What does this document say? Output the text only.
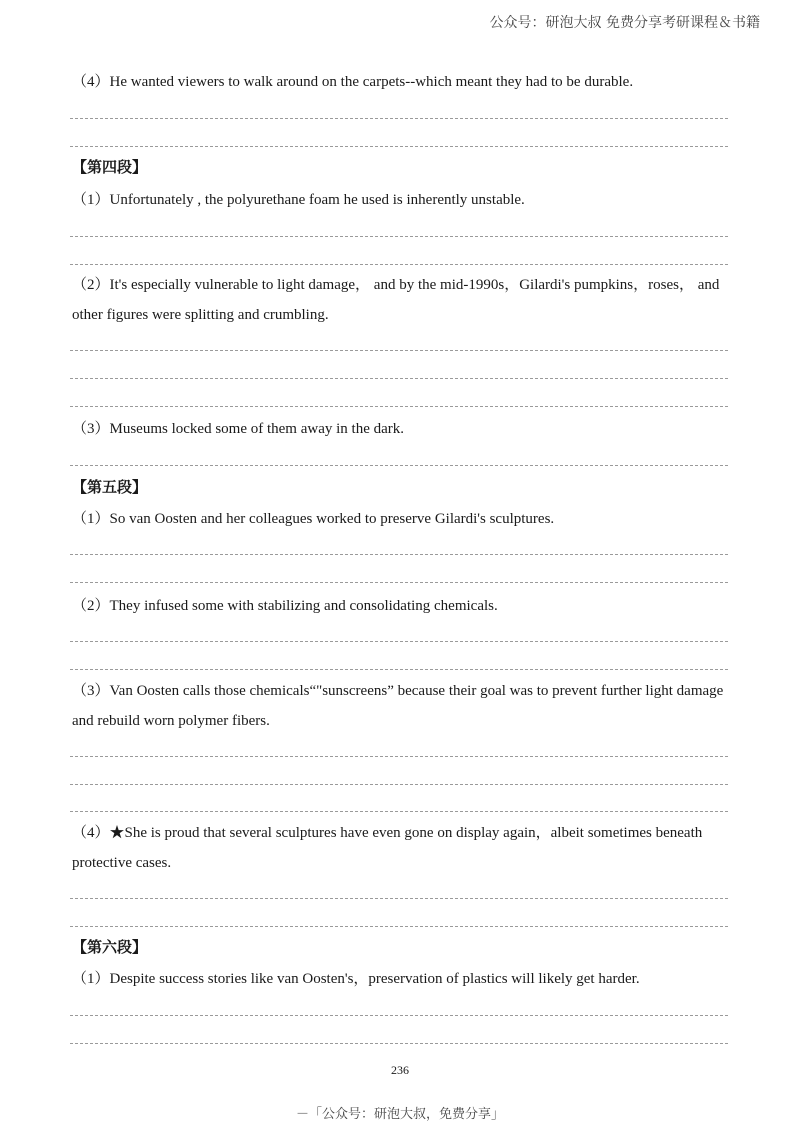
公众号：研泡大叔 免费分享考研课程＆书籍
（4）He wanted viewers to walk around on the carpets--which meant they had to be durable.
【第四段】
（1）Unfortunately , the polyurethane foam he used is inherently unstable.
（2）It's especially vulnerable to light damage， and by the mid-1990s，Gilardi's pumpkins，roses， and other figures were splitting and crumbling.
（3）Museums locked some of them away in the dark.
【第五段】
（1）So van Oosten and her colleagues worked to preserve Gilardi's sculptures.
（2）They infused some with stabilizing and consolidating chemicals.
（3）Van Oosten calls those chemicals“"sunscreens” because their goal was to prevent further light damage and rebuild worn polymer fibers.
（4）★She is proud that several sculptures have even gone on display again，albeit sometimes beneath protective cases.
【第六段】
（1）Despite success stories like van Oosten's，preservation of plastics will likely get harder.
236
－「公众号：研泡大叔，免费分享」
